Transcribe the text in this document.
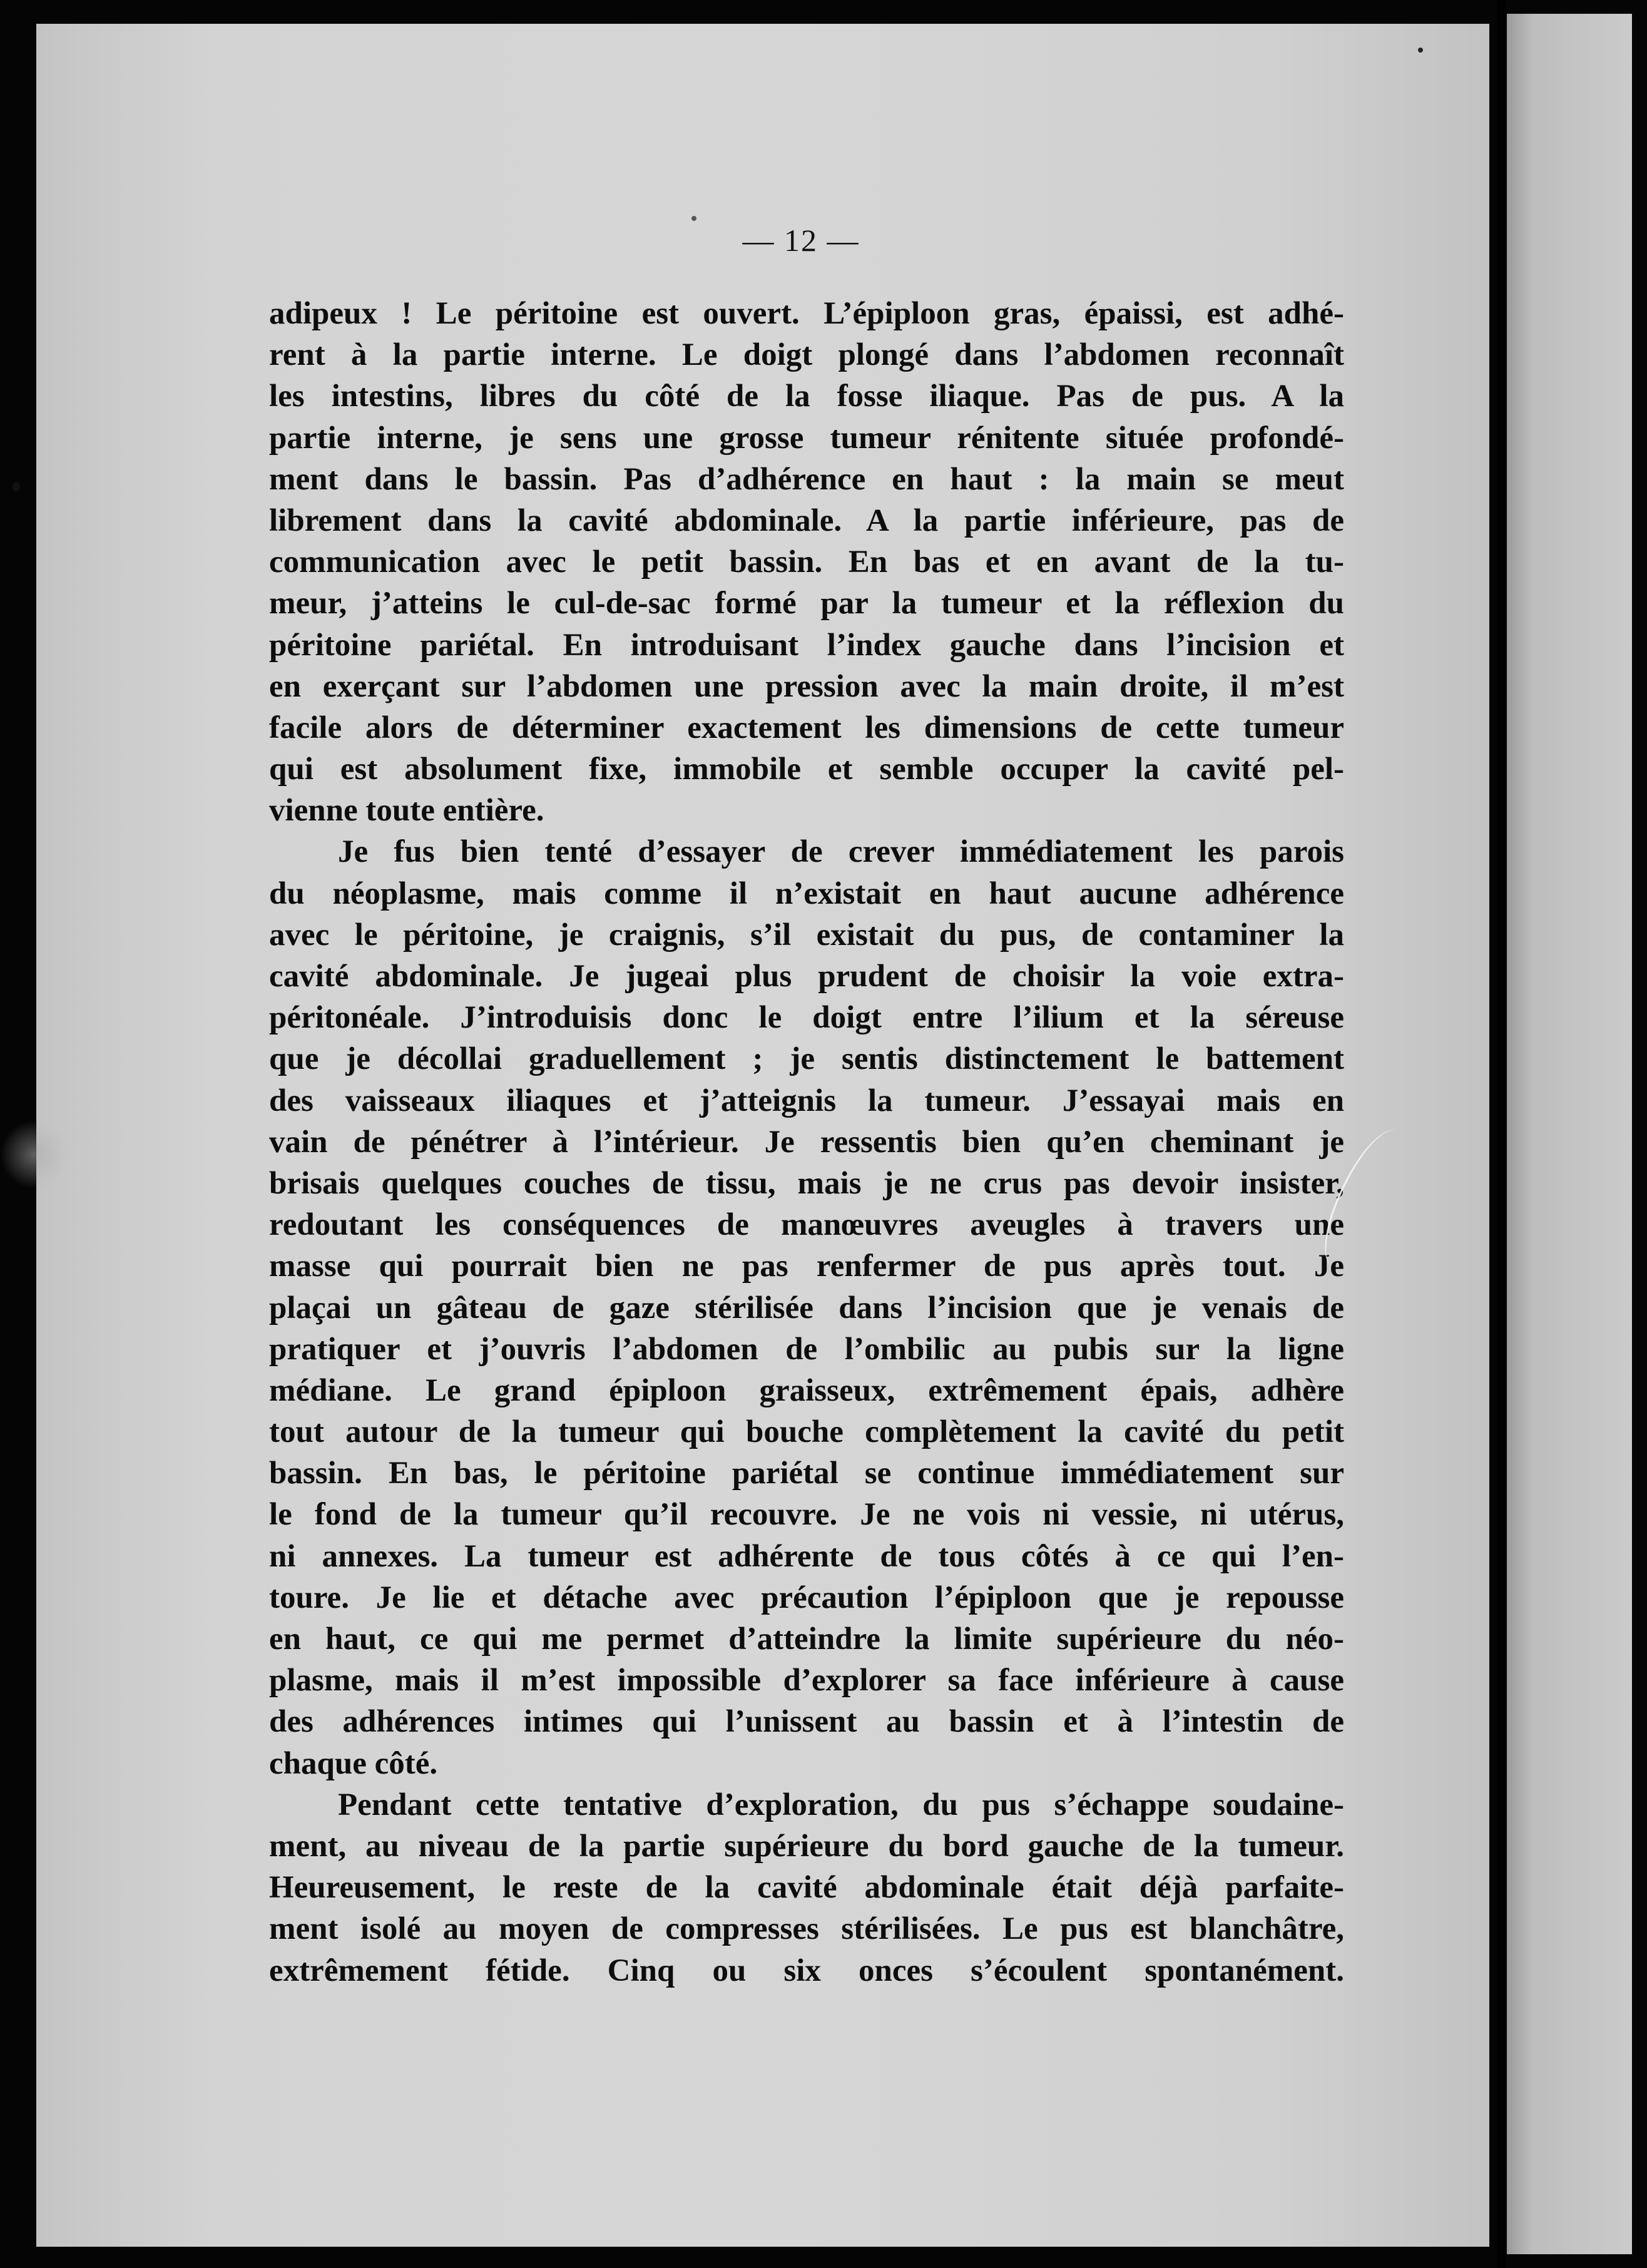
— 12 —
adipeux ! Le péritoine est ouvert. L’épiploon gras, épaissi, est adhé-
rent à la partie interne. Le doigt plongé dans l’abdomen reconnaît
les intestins, libres du côté de la fosse iliaque. Pas de pus. A la
partie interne, je sens une grosse tumeur rénitente située profondé-
ment dans le bassin. Pas d’adhérence en haut : la main se meut
librement dans la cavité abdominale. A la partie inférieure, pas de
communication avec le petit bassin. En bas et en avant de la tu-
meur, j’atteins le cul-de-sac formé par la tumeur et la réflexion du
péritoine pariétal. En introduisant l’index gauche dans l’incision et
en exerçant sur l’abdomen une pression avec la main droite, il m’est
facile alors de déterminer exactement les dimensions de cette tumeur
qui est absolument fixe, immobile et semble occuper la cavité pel-
vienne toute entière.
Je fus bien tenté d’essayer de crever immédiatement les parois
du néoplasme, mais comme il n’existait en haut aucune adhérence
avec le péritoine, je craignis, s’il existait du pus, de contaminer la
cavité abdominale. Je jugeai plus prudent de choisir la voie extra-
péritonéale. J’introduisis donc le doigt entre l’ilium et la séreuse
que je décollai graduellement ; je sentis distinctement le battement
des vaisseaux iliaques et j’atteignis la tumeur. J’essayai mais en
vain de pénétrer à l’intérieur. Je ressentis bien qu’en cheminant je
brisais quelques couches de tissu, mais je ne crus pas devoir insister,
redoutant les conséquences de manœuvres aveugles à travers une
masse qui pourrait bien ne pas renfermer de pus après tout. Je
plaçai un gâteau de gaze stérilisée dans l’incision que je venais de
pratiquer et j’ouvris l’abdomen de l’ombilic au pubis sur la ligne
médiane. Le grand épiploon graisseux, extrêmement épais, adhère
tout autour de la tumeur qui bouche complètement la cavité du petit
bassin. En bas, le péritoine pariétal se continue immédiatement sur
le fond de la tumeur qu’il recouvre. Je ne vois ni vessie, ni utérus,
ni annexes. La tumeur est adhérente de tous côtés à ce qui l’en-
toure. Je lie et détache avec précaution l’épiploon que je repousse
en haut, ce qui me permet d’atteindre la limite supérieure du néo-
plasme, mais il m’est impossible d’explorer sa face inférieure à cause
des adhérences intimes qui l’unissent au bassin et à l’intestin de
chaque côté.
Pendant cette tentative d’exploration, du pus s’échappe soudaine-
ment, au niveau de la partie supérieure du bord gauche de la tumeur.
Heureusement, le reste de la cavité abdominale était déjà parfaite-
ment isolé au moyen de compresses stérilisées. Le pus est blanchâtre,
extrêmement fétide. Cinq ou six onces s’écoulent spontanément.
